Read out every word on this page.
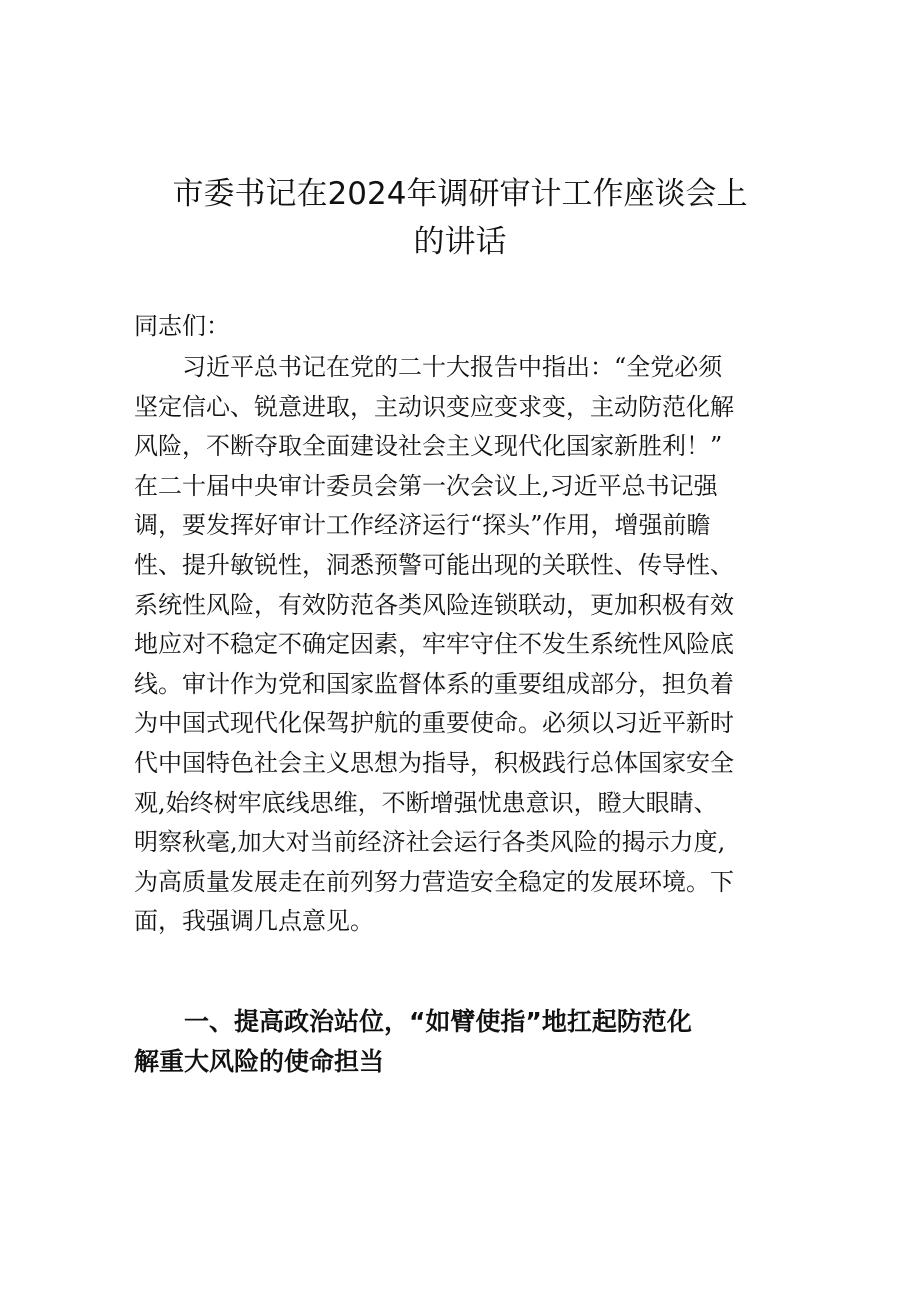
市委书记在2024年调研审计工作座谈会上
的讲话

同志们：

　　习近平总书记在党的二十大报告中指出：“全党必须
坚定信心、锐意进取，主动识变应变求变，主动防范化解
风险，不断夺取全面建设社会主义现代化国家新胜利！”
在二十届中央审计委员会第一次会议上,习近平总书记强
调，要发挥好审计工作经济运行“探头”作用，增强前瞻
性、提升敏锐性，洞悉预警可能出现的关联性、传导性、
系统性风险，有效防范各类风险连锁联动，更加积极有效
地应对不稳定不确定因素，牢牢守住不发生系统性风险底
线。审计作为党和国家监督体系的重要组成部分，担负着
为中国式现代化保驾护航的重要使命。必须以习近平新时
代中国特色社会主义思想为指导，积极践行总体国家安全
观,始终树牢底线思维，不断增强忧患意识，瞪大眼睛、
明察秋毫,加大对当前经济社会运行各类风险的揭示力度,
为高质量发展走在前列努力营造安全稳定的发展环境。下
面，我强调几点意见。
　　一、提高政治站位，“如臂使指”地扛起防范化
解重大风险的使命担当
